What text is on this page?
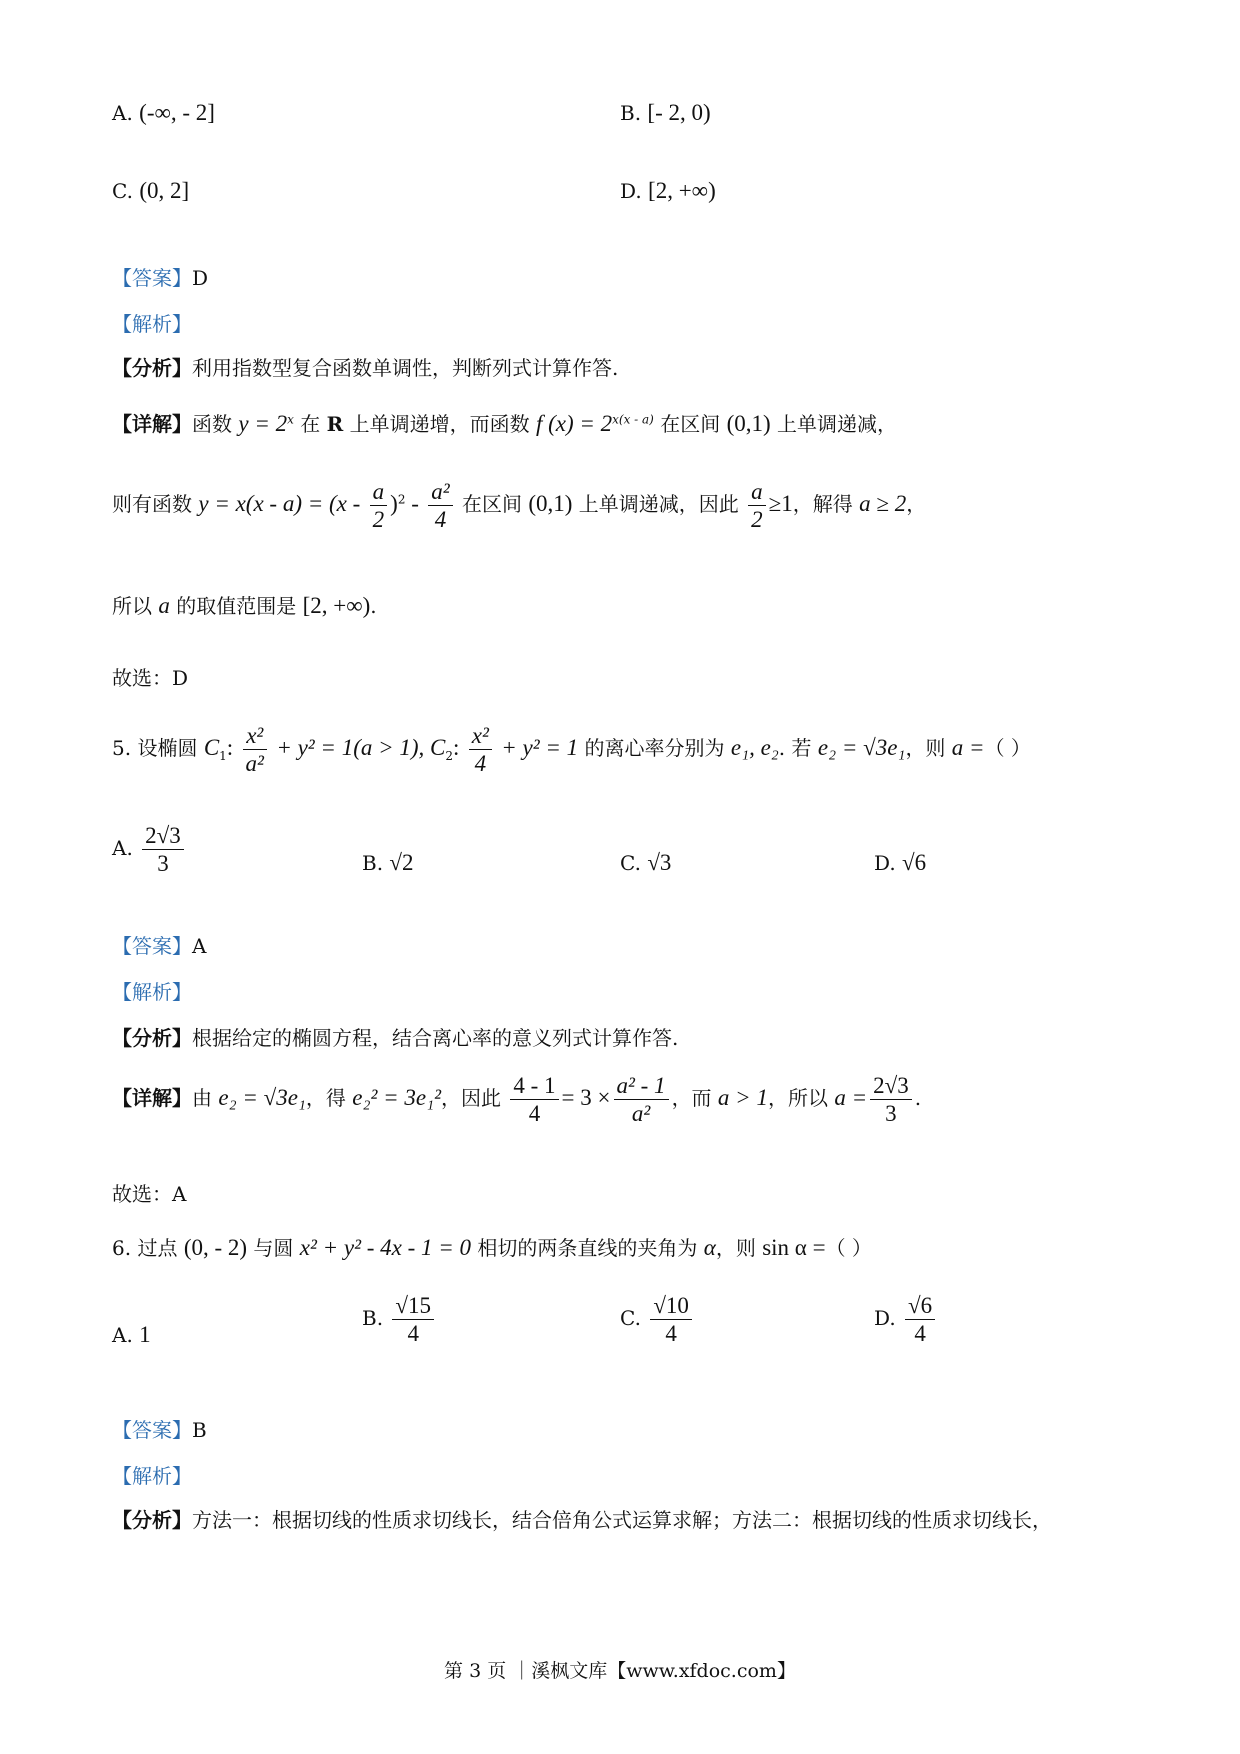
A. (-∞, - 2]	B. [- 2, 0)
C. (0, 2]	D. [2, +∞)
【答案】D
【解析】
【分析】利用指数型复合函数单调性，判断列式计算作答.
【详解】函数 $y = 2^x$ 在 R 上单调递增，而函数 f $(x) = 2^{x(x - a)}$ 在区间 (0,1) 上单调递减，
则有函数 $y = x(x - a) = (x - \frac{a}{2} )^2 - \frac{\text{a²}}{4}$ 在区间 (0,1) 上单调递减，因此 $\frac{a}{2} \ge 1$，解得 a ≥ 2，
所以 a 的取值范围是 [2, +∞).
故选：D
5. 设椭圆 $C_1$: $\frac{\text{x²}}{\text{a²}} + y^2 = 1(a > 1)$, $C_2$: $\frac{\text{x²}}{4} + y^2 = 1$ 的离心率分别为 e₁, e₂. 若 e₂ = √3e₁，则 a =（ ）
A. $\frac{2√3}{3}$	B. √2	C. √3	D. √6
【答案】A
【解析】
【分析】根据给定的椭圆方程，结合离心率的意义列式计算作答.
【详解】由 e₂ = √3e₁，得 e₂² = 3e₁²，因此 $\frac{4 - 1}{4} = 3 \times \frac{\text{a² - 1}}{\text{a²}}$ ，而 a > 1，所以 $a = \frac{2√3}{3}$ .
故选：A
6. 过点 (0, - 2) 与圆 x² + y² - 4x - 1 = 0 相切的两条直线的夹角为 α，则 sin α =（ ）
A. 1
B. $\frac{√15}{4}$	C. $\frac{√10}{4}$	D. $\frac{√6}{4}$
【答案】B
【解析】
【分析】方法一：根据切线的性质求切线长，结合倍角公式运算求解；方法二：根据切线的性质求切线长，
第 3 页 ｜溪枫文库【www.xfdoc.com】
